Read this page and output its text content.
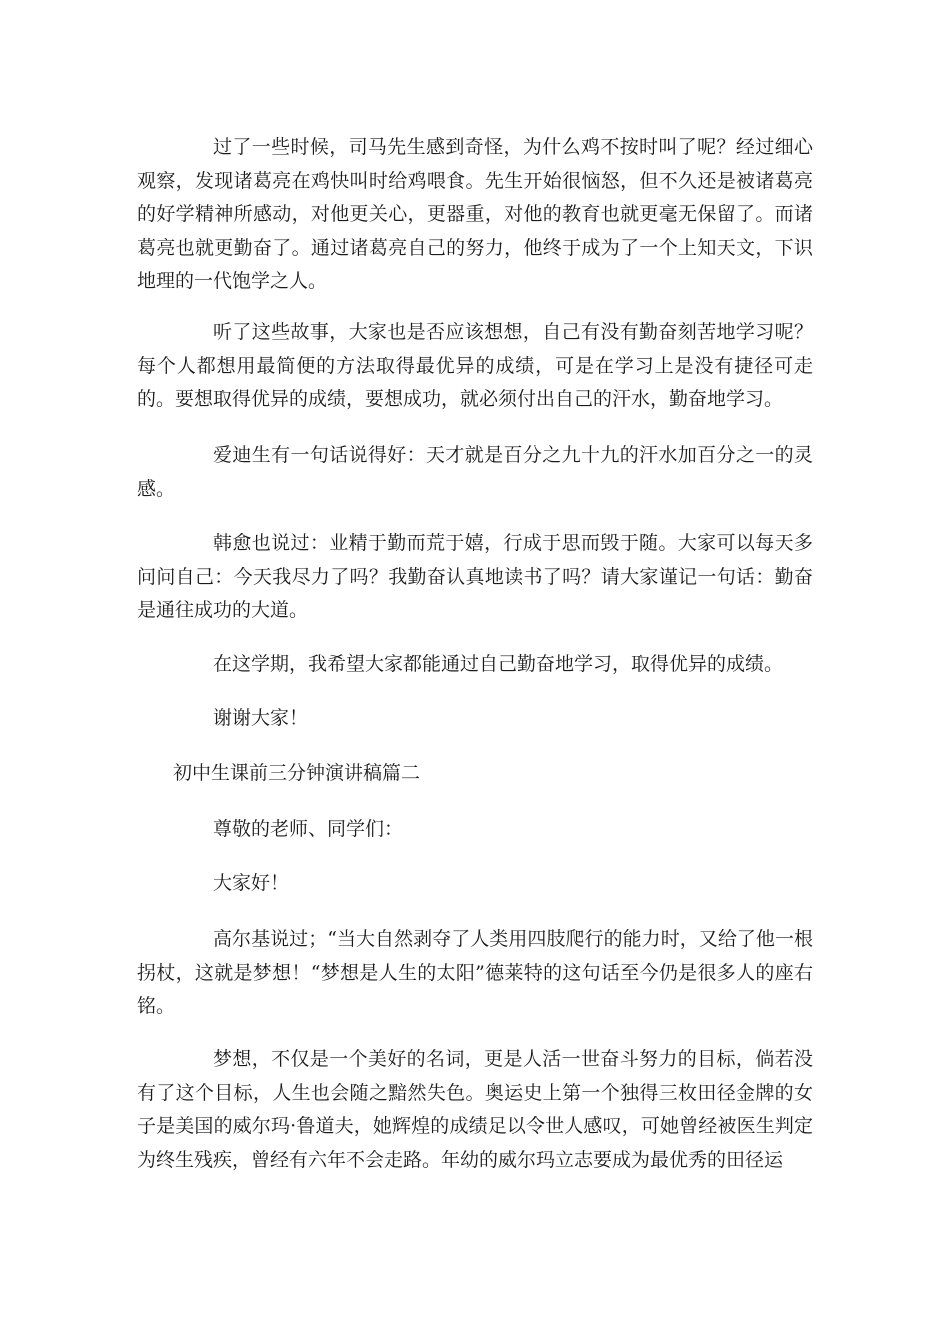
过了一些时候，司马先生感到奇怪，为什么鸡不按时叫了呢？经过细心观察，发现诸葛亮在鸡快叫时给鸡喂食。先生开始很恼怒，但不久还是被诸葛亮的好学精神所感动，对他更关心，更器重，对他的教育也就更毫无保留了。而诸葛亮也就更勤奋了。通过诸葛亮自己的努力，他终于成为了一个上知天文，下识地理的一代饱学之人。

听了这些故事，大家也是否应该想想，自己有没有勤奋刻苦地学习呢？每个人都想用最简便的方法取得最优异的成绩，可是在学习上是没有捷径可走的。要想取得优异的成绩，要想成功，就必须付出自己的汗水，勤奋地学习。

爱迪生有一句话说得好：天才就是百分之九十九的汗水加百分之一的灵感。

韩愈也说过：业精于勤而荒于嬉，行成于思而毁于随。大家可以每天多问问自己：今天我尽力了吗？我勤奋认真地读书了吗？请大家谨记一句话：勤奋是通往成功的大道。

在这学期，我希望大家都能通过自己勤奋地学习，取得优异的成绩。

谢谢大家！

初中生课前三分钟演讲稿篇二

尊敬的老师、同学们：

大家好！

高尔基说过；“当大自然剥夺了人类用四肢爬行的能力时，又给了他一根拐杖，这就是梦想！“梦想是人生的太阳”德莱特的这句话至今仍是很多人的座右铭。

梦想，不仅是一个美好的名词，更是人活一世奋斗努力的目标，倘若没有了这个目标，人生也会随之黯然失色。奥运史上第一个独得三枚田径金牌的女子是美国的威尔玛·鲁道夫，她辉煌的成绩足以令世人感叹，可她曾经被医生判定为终生残疾，曾经有六年不会走路。年幼的威尔玛立志要成为最优秀的田径运
